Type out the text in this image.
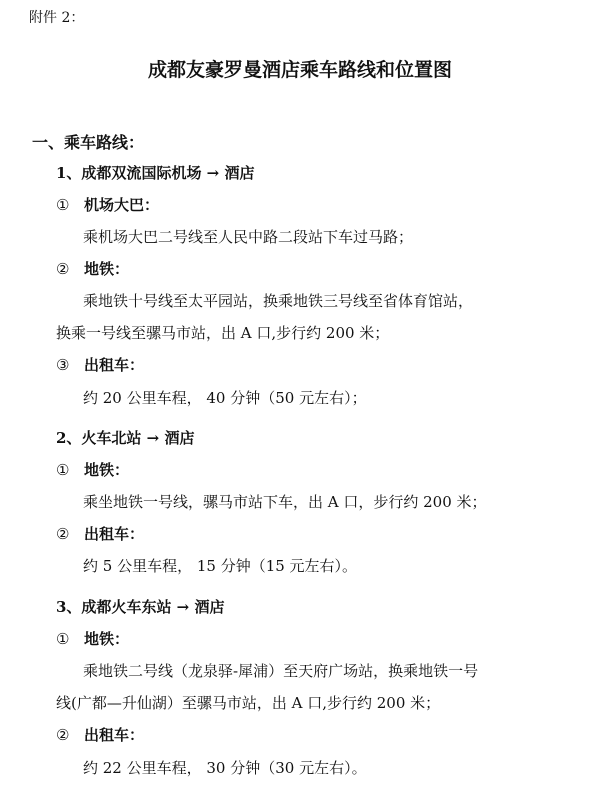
附件 2：
成都友豪罗曼酒店乘车路线和位置图
一、乘车路线：
1、成都双流国际机场 → 酒店
① 机场大巴：
乘机场大巴二号线至人民中路二段站下车过马路；
② 地铁：
乘地铁十号线至太平园站，换乘地铁三号线至省体育馆站，
换乘一号线至骡马市站，出 A 口,步行约 200 米；
③ 出租车：
约 20 公里车程， 40 分钟（50 元左右）；
2、火车北站 → 酒店
① 地铁：
乘坐地铁一号线，骡马市站下车，出 A 口，步行约 200 米；
② 出租车：
约 5 公里车程， 15 分钟（15 元左右）。
3、成都火车东站 → 酒店
① 地铁：
乘地铁二号线（龙泉驿-犀浦）至天府广场站，换乘地铁一号
线(广都—升仙湖）至骡马市站，出 A 口,步行约 200 米；
② 出租车：
约 22 公里车程， 30 分钟（30 元左右）。
